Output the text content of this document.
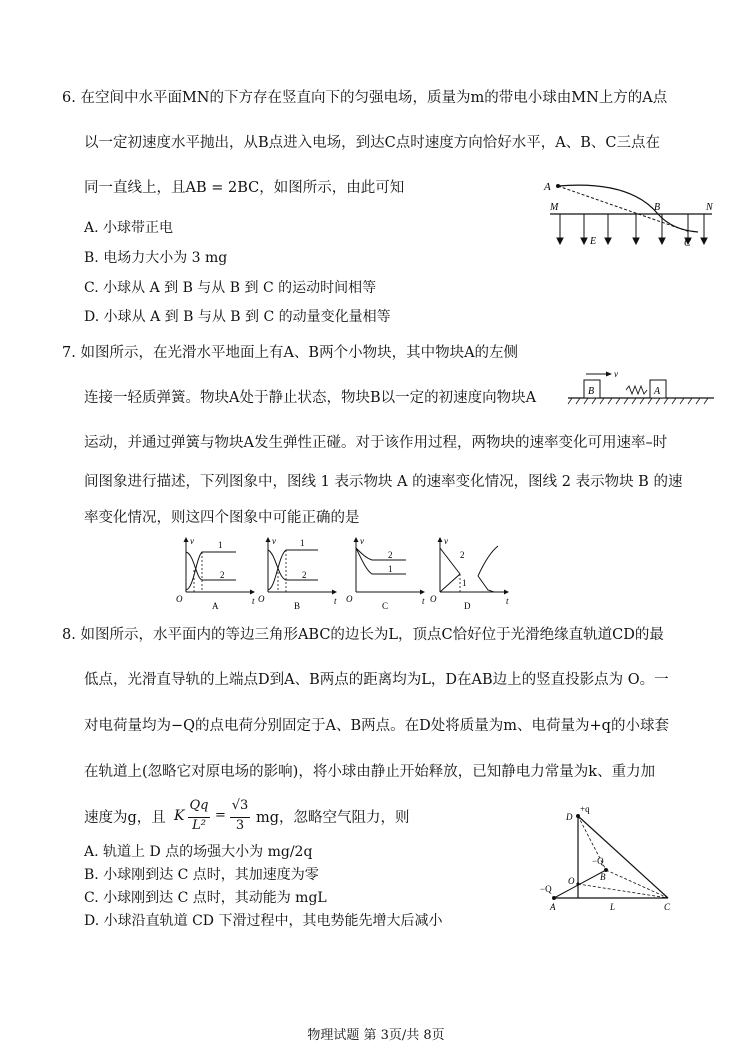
6. 在空间中水平面MN的下方存在竖直向下的匀强电场，质量为m的带电小球由MN上方的A点
以一定初速度水平抛出，从B点进入电场，到达C点时速度方向恰好水平，A、B、C三点在
同一直线上，且AB = 2BC，如图所示，由此可知
A. 小球带正电
B. 电场力大小为 3 mg
C. 小球从 A 到 B 与从 B 到 C 的运动时间相等
D. 小球从 A 到 B 与从 B 到 C 的动量变化量相等
A
M	B	N
E	C
7. 如图所示，在光滑水平地面上有A、B两个小物块，其中物块A的左侧
连接一轻质弹簧。物块A处于静止状态，物块B以一定的初速度向物块A
运动，并通过弹簧与物块A发生弹性正碰。对于该作用过程，两物块的速率变化可用速率–时
间图象进行描述，下列图象中，图线 1 表示物块 A 的速率变化情况，图线 2 表示物块 B 的速
率变化情况，则这四个图象中可能正确的是
B
v
A
v
t
O
1
2
A
v
t
O
1
2
B
v
t
O
1
2
C
v
t
O
1
2
D
8. 如图所示，水平面内的等边三角形ABC的边长为L，顶点C恰好位于光滑绝缘直轨道CD的最
低点，光滑直导轨的上端点D到A、B两点的距离均为L，D在AB边上的竖直投影点为 O。一
对电荷量均为−Q的点电荷分别固定于A、B两点。在D处将质量为m、电荷量为+q的小球套
在轨道上(忽略它对原电场的影响)，将小球由静止开始释放，已知静电力常量为k、重力加
速度为g，且 K
Qq
L²
=
√3
3 mg，忽略空气阻力，则
A. 轨道上 D 点的场强大小为 mg/2q
B. 小球刚到达 C 点时，其加速度为零
C. 小球刚到达 C 点时，其动能为 mgL
D. 小球沿直轨道 CD 下滑过程中，其电势能先增大后减小
D
+q
−Q
−Q
O	B
A	L	C
物理试题 第 3页/共 8页
